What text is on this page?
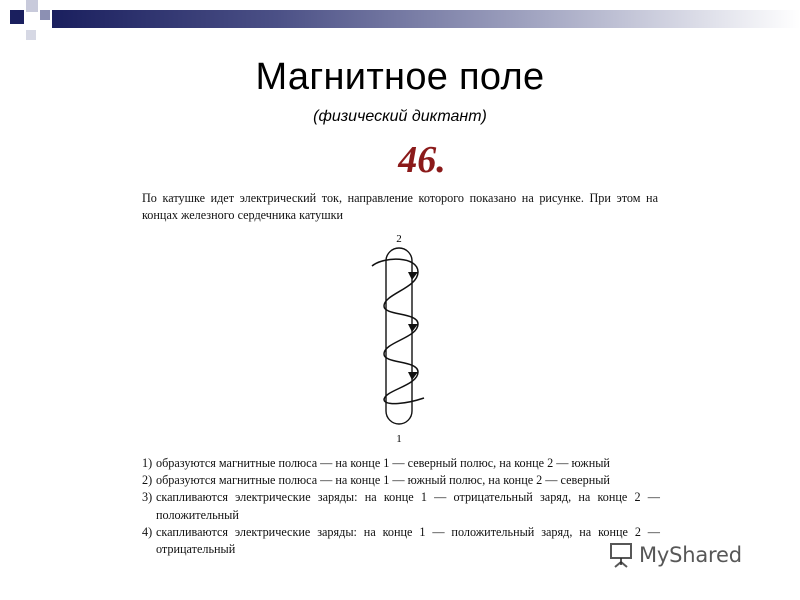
Магнитное поле
(физический диктант)
46.
По катушке идет электрический ток, направление которого показано на рисунке. При этом на концах железного сердечника катушки
2
1
1) образуются магнитные полюса — на конце 1 — северный полюс, на конце 2 — южный
2) образуются магнитные полюса — на конце 1 — южный полюс, на конце 2 — северный
3) скапливаются электрические заряды: на конце 1 — отрицательный заряд, на конце 2 — положительный
4) скапливаются электрические заряды: на конце 1 — положительный заряд, на конце 2 — отрицательный	MyShared
